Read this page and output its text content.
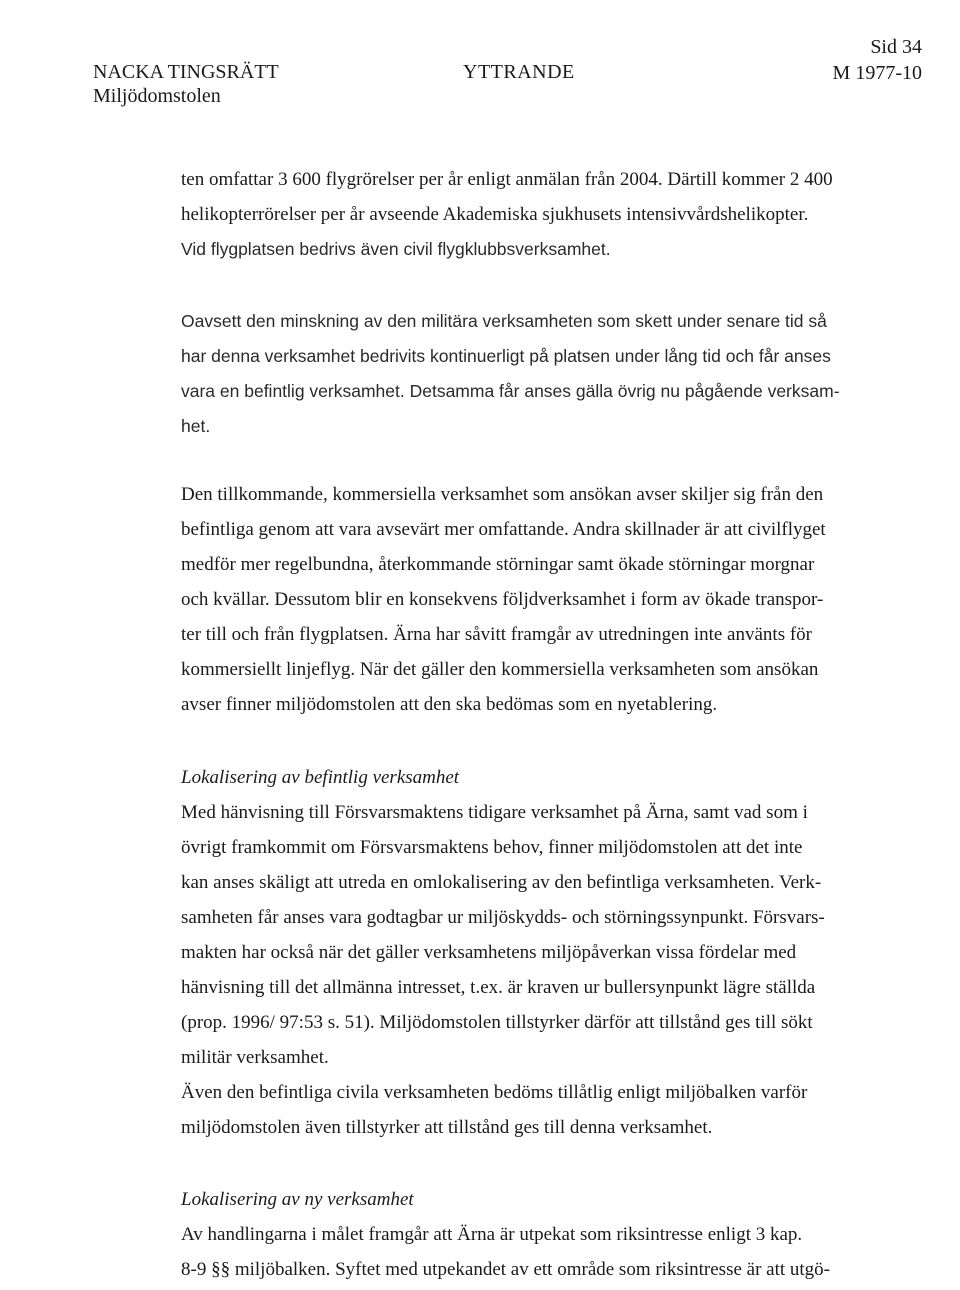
NACKA TINGSRÄTT
Miljödomstolen
YTTRANDE
Sid 34
M 1977-10

ten omfattar 3 600 flygrörelser per år enligt anmälan från 2004. Därtill kommer 2 400
helikopterrörelser per år avseende Akademiska sjukhusets intensivvårdshelikopter.
Vid flygplatsen bedrivs även civil flygklubbsverksamhet.

Oavsett den minskning av den militära verksamheten som skett under senare tid så
har denna verksamhet bedrivits kontinuerligt på platsen under lång tid och får anses
vara en befintlig verksamhet. Detsamma får anses gälla övrig nu pågående verksam-
het.

Den tillkommande, kommersiella verksamhet som ansökan avser skiljer sig från den
befintliga genom att vara avsevärt mer omfattande. Andra skillnader är att civilflyget
medför mer regelbundna, återkommande störningar samt ökade störningar morgnar
och kvällar. Dessutom blir en konsekvens följdverksamhet i form av ökade transpor-
ter till och från flygplatsen. Ärna har såvitt framgår av utredningen inte använts för
kommersiellt linjeflyg. När det gäller den kommersiella verksamheten som ansökan
avser finner miljödomstolen att den ska bedömas som en nyetablering.

Lokalisering av befintlig verksamhet

Med hänvisning till Försvarsmaktens tidigare verksamhet på Ärna, samt vad som i
övrigt framkommit om Försvarsmaktens behov, finner miljödomstolen att det inte
kan anses skäligt att utreda en omlokalisering av den befintliga verksamheten. Verk-
samheten får anses vara godtagbar ur miljöskydds- och störningssynpunkt. Försvars-
makten har också när det gäller verksamhetens miljöpåverkan vissa fördelar med
hänvisning till det allmänna intresset, t.ex. är kraven ur bullersynpunkt lägre ställda
(prop. 1996/ 97:53 s. 51). Miljödomstolen tillstyrker därför att tillstånd ges till sökt
militär verksamhet.

Även den befintliga civila verksamheten bedöms tillåtlig enligt miljöbalken varför
miljödomstolen även tillstyrker att tillstånd ges till denna verksamhet.

Lokalisering av ny verksamhet

Av handlingarna i målet framgår att Ärna är utpekat som riksintresse enligt 3 kap.
8-9 §§ miljöbalken. Syftet med utpekandet av ett område som riksintresse är att utgö-
